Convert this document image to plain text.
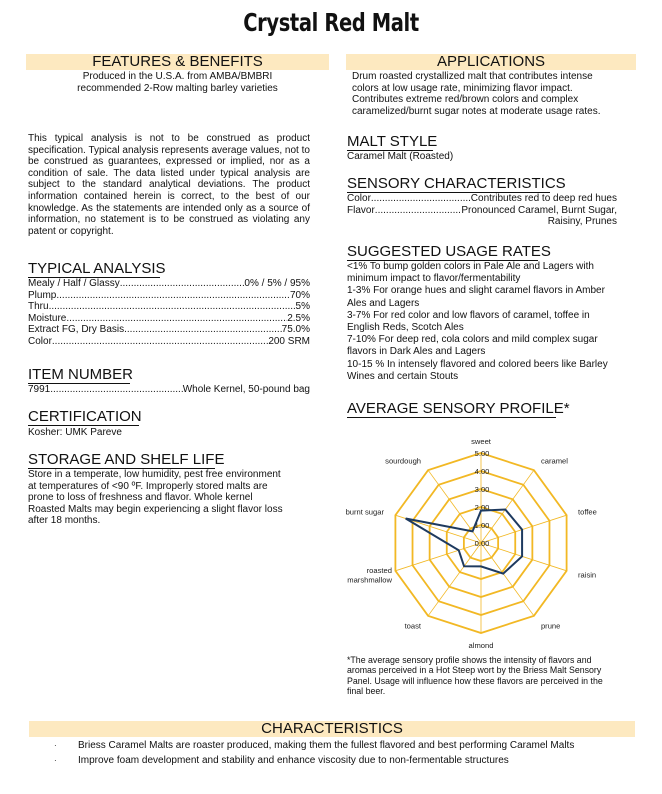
Crystal Red Malt
FEATURES & BENEFITS
Produced in the U.S.A. from AMBA/BMBRI
recommended 2-Row malting barley varieties
This typical analysis is not to be construed as product specification. Typical analysis represents average values, not to be construed as guarantees, expressed or implied, nor as a condition of sale. The data listed under typical analysis are subject to the standard analytical deviations. The product information contained herein is correct, to the best of our knowledge. As the statements are intended only as a source of information, no statement is to be construed as violating any patent or copyright.
TYPICAL ANALYSIS
Mealy / Half / Glassy .....	0% / 5% / 95%
Plump .....	70%
Thru .....	5%
Moisture .....	2.5%
Extract FG, Dry Basis .....	75.0%
Color .....	200 SRM
ITEM NUMBER
7991 .....	Whole Kernel, 50-pound bag
CERTIFICATION
Kosher: UMK Pareve
STORAGE AND SHELF LIFE
Store in a temperate, low humidity, pest free environment
at temperatures of <90 ºF. Improperly stored malts are
prone to loss of freshness and flavor. Whole kernel
Roasted Malts may begin experiencing a slight flavor loss
after 18 months.
APPLICATIONS
Drum roasted crystallized malt that contributes intense
colors at low usage rate, minimizing flavor impact.
Contributes extreme red/brown colors and complex
caramelized/burnt sugar notes at moderate usage rates.
MALT STYLE
Caramel Malt (Roasted)
SENSORY CHARACTERISTICS
Color .....	Contributes red to deep red hues
Flavor .....	Pronounced Caramel, Burnt Sugar,
Raisiny, Prunes
SUGGESTED USAGE RATES
<1% To bump golden colors in Pale Ale and Lagers with
minimum impact to flavor/fermentability
1-3% For orange hues and slight caramel flavors in Amber
Ales and Lagers
3-7% For red color and low flavors of caramel, toffee in
English Reds, Scotch Ales
7-10% For deep red, cola colors and mild complex sugar
flavors in Dark Ales and Lagers
10-15 % In intensely flavored and colored beers like Barley
Wines and certain Stouts
AVERAGE SENSORY PROFILE*
0.00
1.00
2.00
3.00
4.00
5.00
sweet
caramel
toffee
raisin
prune
almond
toast
roasted marshmallow
burnt sugar
sourdough
*The average sensory profile shows the intensity of flavors and
aromas perceived in a Hot Steep wort by the Briess Malt Sensory
Panel. Usage will influence how these flavors are perceived in the
final beer.
CHARACTERISTICS
· Briess Caramel Malts are roaster produced, making them the fullest flavored and best performing Caramel Malts
· Improve foam development and stability and enhance viscosity due to non-fermentable structures
